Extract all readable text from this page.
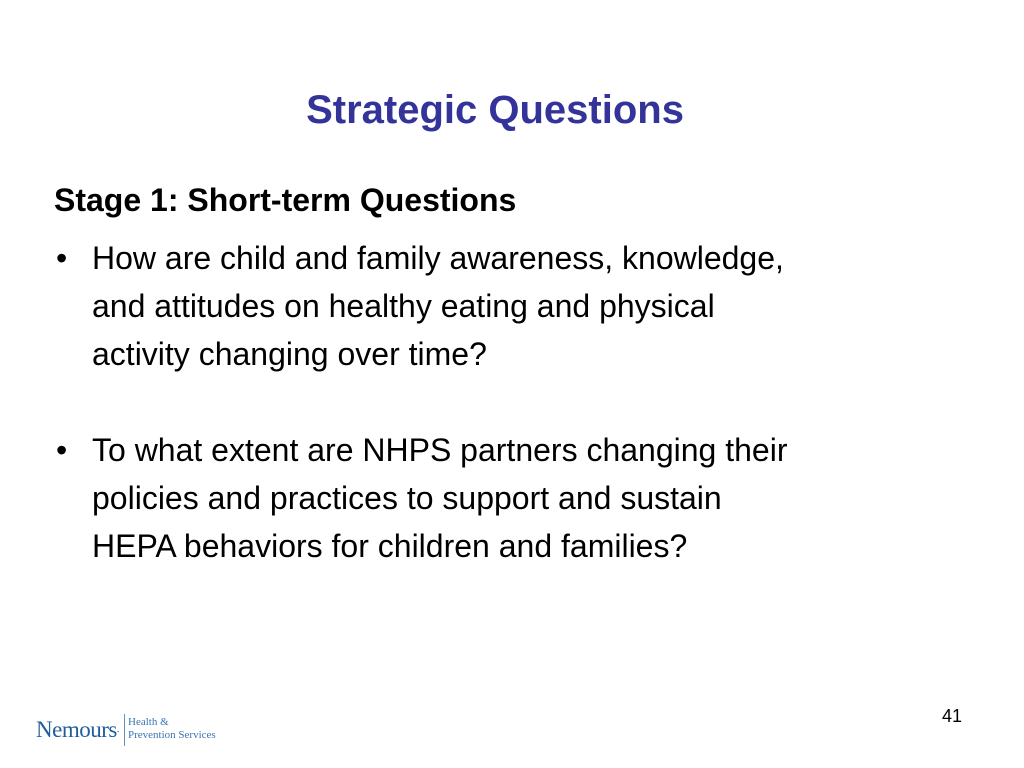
Strategic Questions
Stage 1: Short-term Questions
• How are child and family awareness, knowledge,
and attitudes on healthy eating and physical
activity changing over time?
• To what extent are NHPS partners changing their
policies and practices to support and sustain
HEPA behaviors for children and families?
Nemours.
Health &
Prevention Services
41
